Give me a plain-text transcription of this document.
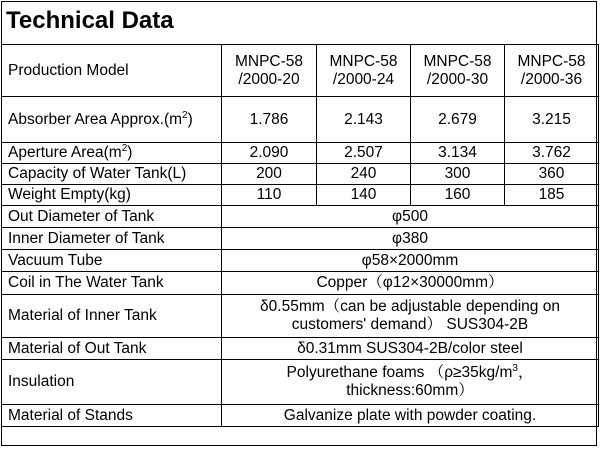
Technical Data
Production Model	MNPC-58 /2000-20	MNPC-58 /2000-24	MNPC-58 /2000-30	MNPC-58 /2000-36
Absorber Area $Approx.(m^2)$	1.786	2.143	2.679	3.215
Aperture $Area(m^2)$	2.090	2.507	3.134	3.762
Capacity of Water Tank(L)	200	240	300	360
Weight Empty(kg)	110	140	160	185
Out Diameter of Tank	φ500			
Inner Diameter of Tank	φ380			
Vacuum Tube	φ58×2000mm			
Coil in The Water Tank	Copper（φ12×30000mm）			
Material of Inner Tank	δ0.55mm（can be adjustable depending on customers' demand） SUS304-2B			
Material of Out Tank	δ0.31mm SUS304-2B/color steel			
Insulation	Polyurethane foams （$\rho\ge 35kg/m^3$， thickness:60mm）			
Material of Stands	Galvanize plate with powder coating.			
